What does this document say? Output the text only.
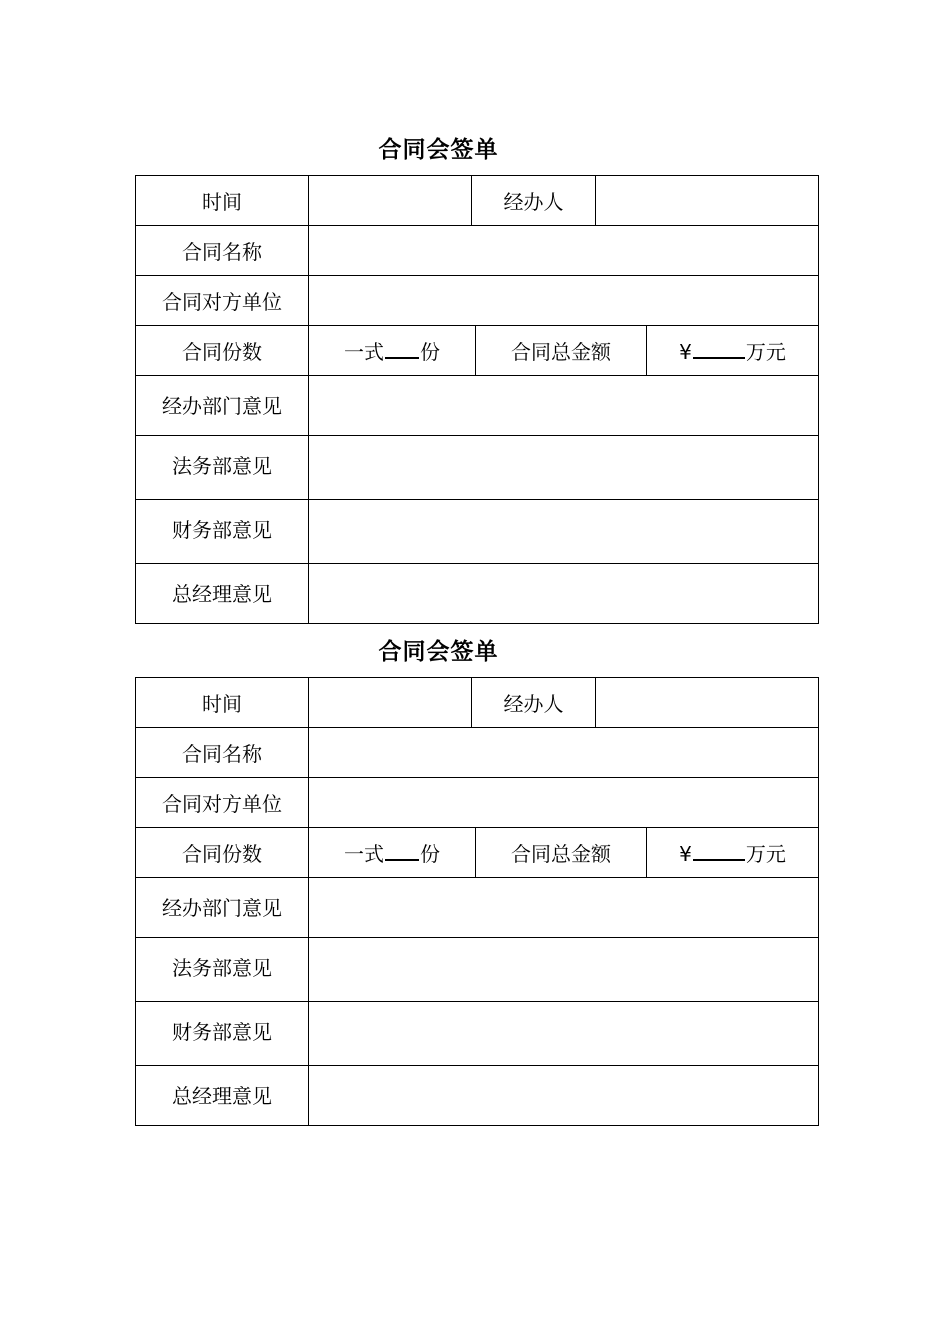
合同会签单
时间		经办人			
合同名称					
合同对方单位					
合同份数	一式 份		合同总金额		¥ 万元

经办部门意见					

法务部意见					

财务部意见					

总经理意见					

合同会签单
时间		经办人			
合同名称					
合同对方单位					
合同份数	一式 份		合同总金额		¥ 万元

经办部门意见					

法务部意见					

财务部意见					

总经理意见					
